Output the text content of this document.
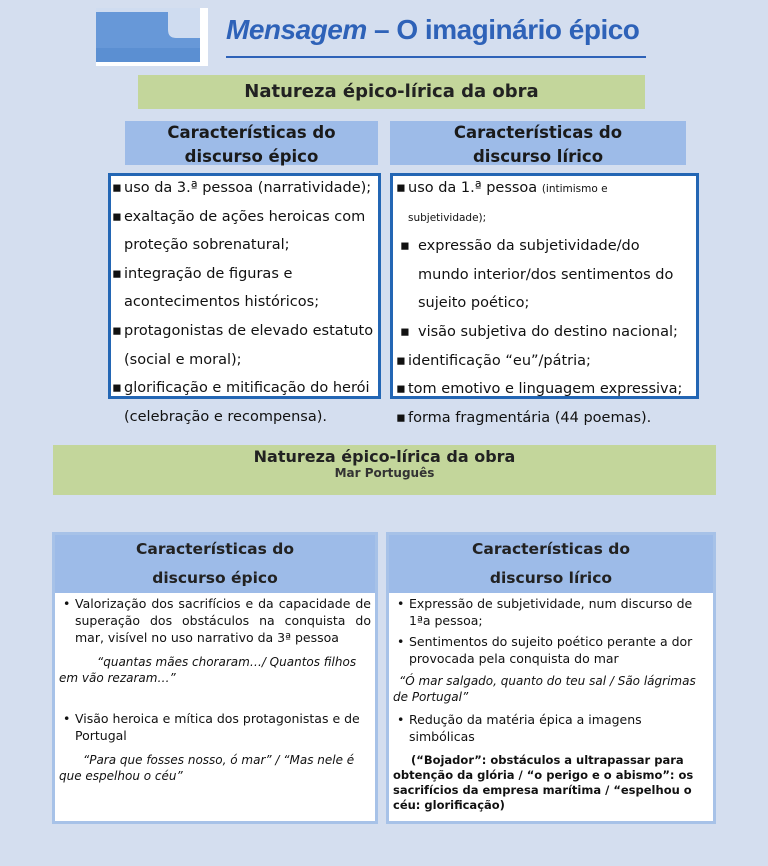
Mensagem – O imaginário épico
Natureza épico-lírica da obra
Características do
discurso épico
Características do
discurso lírico
▪ uso da 3.ª pessoa (narratividade);
▪ exaltação de ações heroicas com
proteção sobrenatural;
▪ integração de figuras e
acontecimentos históricos;
▪ protagonistas de elevado estatuto
(social e moral);
▪ glorificação e mitificação do herói
(celebração e recompensa).
▪ uso da 1.ª pessoa (intimismo e
subjetividade);
▪ expressão da subjetividade/do
mundo interior/dos sentimentos do
sujeito poético;
▪ visão subjetiva do destino nacional;
▪ identificação “eu”/pátria;
▪ tom emotivo e linguagem expressiva;
▪ forma fragmentária (44 poemas).
Natureza épico-lírica da obra
Mar Português
Características do
discurso épico
• Valorização dos sacrifícios e da capacidade de superação dos obstáculos na conquista do mar, visível no uso narrativo da 3ª pessoa
“quantas mães choraram…/ Quantos filhos em vão rezaram…”
• Visão heroica e mítica dos protagonistas e de Portugal
“Para que fosses nosso, ó mar” / “Mas nele é que espelhou o céu”
Características do
discurso lírico
• Expressão de subjetividade, num discurso de 1ªa pessoa;
• Sentimentos do sujeito poético perante a dor provocada pela conquista do mar
“Ó mar salgado, quanto do teu sal / São lágrimas de Portugal”
• Redução da matéria épica a imagens simbólicas
(“Bojador”: obstáculos a ultrapassar para obtenção da glória / “o perigo e o abismo”: os sacrifícios da empresa marítima / “espelhou o céu: glorificação)
